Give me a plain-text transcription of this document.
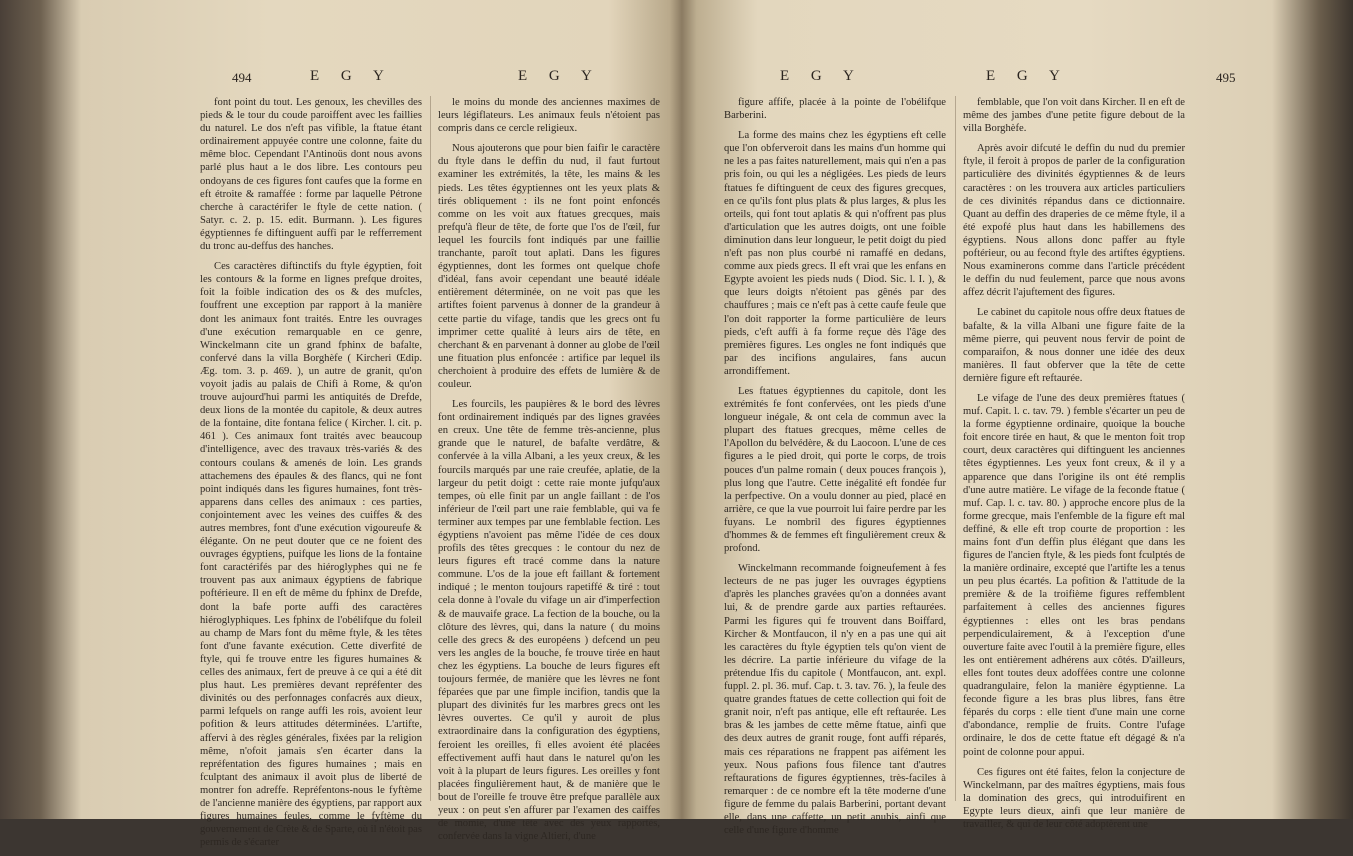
494	E G Y	E G Y

font point du tout. Les genoux, les chevilles des pieds & le tour du coude paroiffent avec les faillies du naturel. Le dos n'eft pas vifible, la ftatue étant ordinairement appuyée contre une colonne, faite du même bloc. Cependant l'Antinoüs dont nous avons parlé plus haut a le dos libre. Les contours peu ondoyans de ces figures font caufes que la forme en eft étroite & ramaffée : forme par laquelle Pétrone cherche à caractérifer le ftyle de cette nation. ( Satyr. c. 2. p. 15. edit. Burmann. ). Les figures égyptiennes fe diftinguent auffi par le refferrement du tronc au-deffus des hanches.

Ces caractères diftinctifs du ftyle égyptien, foit les contours & la forme en lignes prefque droites, foit la foible indication des os & des mufcles, fouffrent une exception par rapport à la manière dont les animaux font traités. Entre les ouvrages d'une exécution remarquable en ce genre, Winckelmann cite un grand fphinx de bafalte, confervé dans la villa Borghèfe ( Kircheri Œdip. Æg. tom. 3. p. 469. ), un autre de granit, qu'on voyoit jadis au palais de Chifi à Rome, & qu'on trouve aujourd'hui parmi les antiquités de Drefde, deux lions de la montée du capitole, & deux autres de la fontaine, dite fontana felice ( Kircher. l. cit. p. 461 ). Ces animaux font traités avec beaucoup d'intelligence, avec des travaux très-variés & des contours coulans & amenés de loin. Les grands attachemens des épaules & des flancs, qui ne font point indiqués dans les figures humaines, font très-apparens dans celles des animaux : ces parties, conjointement avec les veines des cuiffes & des autres membres, font d'une exécution vigoureufe & élégante. On ne peut douter que ce ne foient des ouvrages égyptiens, puifque les lions de la fontaine font caractérifés par des hiéroglyphes qui ne fe trouvent pas aux animaux égyptiens de fabrique poftérieure. Il en eft de même du fphinx de Drefde, dont la bafe porte auffi des caractères hiéroglyphiques. Les fphinx de l'obélifque du foleil au champ de Mars font du même ftyle, & les têtes font d'une favante exécution. Cette diverfité de ftyle, qui fe trouve entre les figures humaines & celles des animaux, fert de preuve à ce qui a été dit plus haut. Les premières devant repréfenter des divinités ou des perfonnages confacrés aux dieux, parmi lefquels on range auffi les rois, avoient leur pofition & leurs attitudes déterminées. L'artifte, affervi à des règles générales, fixées par la religion même, n'ofoit jamais s'en écarter dans la repréfentation des figures humaines ; mais en fculptant des animaux il avoit plus de liberté de montrer fon adreffe. Repréfentons-nous le fyftème de l'ancienne manière des égyptiens, par rapport aux figures humaines feules, comme le fyftème du gouvernement de Crète & de Sparte, où il n'étoit pas permis de s'écarter

le moins du monde des anciennes maximes de leurs légiflateurs. Les animaux feuls n'étoient pas compris dans ce cercle religieux.

Nous ajouterons que pour bien faifir le caractère du ftyle dans le deffin du nud, il faut furtout examiner les extrémités, la tête, les mains & les pieds. Les têtes égyptiennes ont les yeux plats & tirés obliquement : ils ne font point enfoncés comme on les voit aux ftatues grecques, mais prefqu'à fleur de tête, de forte que l'os de l'œil, fur lequel les fourcils font indiqués par une faillie tranchante, paroît tout aplati. Dans les figures égyptiennes, dont les formes ont quelque chofe d'idéal, fans avoir cependant une beauté idéale entièrement déterminée, on ne voit pas que les artiftes foient parvenus à donner de la grandeur à cette partie du vifage, tandis que les grecs ont fu imprimer cette qualité à leurs airs de tête, en cherchant & en parvenant à donner au globe de l'œil une fituation plus enfoncée : artifice par lequel ils cherchoient à produire des effets de lumière & de couleur.

Les fourcils, les paupières & le bord des lèvres font ordinairement indiqués par des lignes gravées en creux. Une tête de femme très-ancienne, plus grande que le naturel, de bafalte verdâtre, & confervée à la villa Albani, a les yeux creux, & les fourcils marqués par une raie creufée, aplatie, de la largeur du petit doigt : cette raie monte jufqu'aux tempes, où elle finit par un angle faillant : de l'os inférieur de l'œil part une raie femblable, qui va fe terminer aux tempes par une femblable fection. Les égyptiens n'avoient pas même l'idée de ces doux profils des têtes grecques : le contour du nez de leurs figures eft tracé comme dans la nature commune. L'os de la joue eft faillant & fortement indiqué ; le menton toujours rapetiffé & tiré : tout cela donne à l'ovale du vifage un air d'imperfection & de mauvaife grace. La fection de la bouche, ou la clôture des lèvres, qui, dans la nature ( du moins celle des grecs & des européens ) defcend un peu vers les angles de la bouche, fe trouve tirée en haut chez les égyptiens. La bouche de leurs figures eft toujours fermée, de manière que les lèvres ne font féparées que par une fimple incifion, tandis que la plupart des divinités fur les marbres grecs ont les lèvres ouvertes. Ce qu'il y auroit de plus extraordinaire dans la configuration des égyptiens, feroient les oreilles, fi elles avoient été placées effectivement auffi haut dans le naturel qu'on les voit à la plupart de leurs figures. Les oreilles y font placées fingulièrement haut, & de manière que le bout de l'oreille fe trouve être prefque parallèle aux yeux : on peut s'en affurer par l'examen des caiffes de momie, d'une tête avec des yeux rapportés, confervée dans la vigne Altieri, d'une

E G Y	E G Y	495

figure affife, placée à la pointe de l'obélifque Barberini.

La forme des mains chez les égyptiens eft celle que l'on obferveroit dans les mains d'un homme qui ne les a pas faites naturellement, mais qui n'en a pas pris foin, ou qui les a négligées. Les pieds de leurs ftatues fe diftinguent de ceux des figures grecques, en ce qu'ils font plus plats & plus larges, & plus les orteils, qui font tout aplatis & qui n'offrent pas plus d'articulation que les autres doigts, ont une foible diminution dans leur longueur, le petit doigt du pied n'eft pas non plus courbé ni ramaffé en dedans, comme aux pieds grecs. Il eft vrai que les enfans en Egypte avoient les pieds nuds ( Diod. Sic. l. I. ), & que leurs doigts n'étoient pas gênés par des chauffures ; mais ce n'eft pas à cette caufe feule que l'on doit rapporter la forme particulière de leurs pieds, c'eft auffi à fa forme reçue dès l'âge des premières figures. Les ongles ne font indiqués que par des incifions angulaires, fans aucun arrondiffement.

Les ftatues égyptiennes du capitole, dont les extrémités fe font confervées, ont les pieds d'une longueur inégale, & ont cela de commun avec la plupart des ftatues grecques, même celles de l'Apollon du belvédère, & du Laocoon. L'une de ces figures a le pied droit, qui porte le corps, de trois pouces d'un palme romain ( deux pouces françois ), plus long que l'autre. Cette inégalité eft fondée fur la perfpective. On a voulu donner au pied, placé en arrière, ce que la vue pourroit lui faire perdre par les fuyans. Le nombril des figures égyptiennes d'hommes & de femmes eft fingulièrement creux & profond.

Winckelmann recommande foigneufement à fes lecteurs de ne pas juger les ouvrages égyptiens d'après les planches gravées qu'on a données avant lui, & de prendre garde aux parties reftaurées. Parmi les figures qui fe trouvent dans Boiffard, Kircher & Montfaucon, il n'y en a pas une qui ait les caractères du ftyle égyptien tels qu'on vient de les décrire. La partie inférieure du vifage de la prétendue Ifis du capitole ( Montfaucon, ant. expl. fuppl. 2. pl. 36. muf. Cap. t. 3. tav. 76. ), la feule des quatre grandes ftatues de cette collection qui foit de granit noir, n'eft pas antique, elle eft reftaurée. Les bras & les jambes de cette même ftatue, ainfi que des deux autres de granit rouge, font auffi réparés, mais ces réparations ne frappent pas aifément les yeux. Nous pafions fous filence tant d'autres reftaurations de figures égyptiennes, très-faciles à remarquer : de ce nombre eft la tête moderne d'une figure de femme du palais Barberini, portant devant elle, dans une caffette, un petit anubis, ainfi que celle d'une figure d'homme

femblable, que l'on voit dans Kircher. Il en eft de même des jambes d'une petite figure debout de la villa Borghèfe.

Après avoir difcuté le deffin du nud du premier ftyle, il feroit à propos de parler de la configuration particulière des divinités égyptiennes & de leurs caractères : on les trouvera aux articles particuliers de ces divinités répandus dans ce dictionnaire. Quant au deffin des draperies de ce même ftyle, il a été expofé plus haut dans les habillemens des égyptiens. Nous allons donc paffer au ftyle poftérieur, ou au fecond ftyle des artiftes égyptiens. Nous examinerons comme dans l'article précédent le deffin du nud feulement, parce que nous avons affez décrit l'ajuftement des figures.

Le cabinet du capitole nous offre deux ftatues de bafalte, & la villa Albani une figure faite de la même pierre, qui peuvent nous fervir de point de comparaifon, & nous donner une idée des deux manières. Il faut obferver que la tête de cette dernière figure eft reftaurée.

Le vifage de l'une des deux premières ftatues ( muf. Capit. l. c. tav. 79. ) femble s'écarter un peu de la forme égyptienne ordinaire, quoique la bouche foit encore tirée en haut, & que le menton foit trop court, deux caractères qui diftinguent les anciennes têtes égyptiennes. Les yeux font creux, & il y a apparence que dans l'origine ils ont été remplis d'une autre matière. Le vifage de la feconde ftatue ( muf. Cap. l. c. tav. 80. ) approche encore plus de la forme grecque, mais l'enfemble de la figure eft mal deffiné, & elle eft trop courte de proportion : les mains font d'un deffin plus élégant que dans les figures de l'ancien ftyle, & les pieds font fculptés de la manière ordinaire, excepté que l'artifte les a tenus un peu plus écartés. La pofition & l'attitude de la première & de la troifième figures reffemblent parfaitement à celles des anciennes figures égyptiennes : elles ont les bras pendans perpendiculairement, & à l'exception d'une ouverture faite avec l'outil à la première figure, elles les ont entièrement adhérens aux côtés. D'ailleurs, elles font toutes deux adoffées contre une colonne quadrangulaire, felon la manière égyptienne. La feconde figure a les bras plus libres, fans être féparés du corps : elle tient d'une main une corne d'abondance, remplie de fruits. Contre l'ufage ordinaire, le dos de cette ftatue eft dégagé & n'a point de colonne pour appui.

Ces figures ont été faites, felon la conjecture de Winckelmann, par des maîtres égyptiens, mais fous la domination des grecs, qui introduifirent en Egypte leurs dieux, ainfi que leur manière de travailler, & qui de leur côté adoptèrent une
